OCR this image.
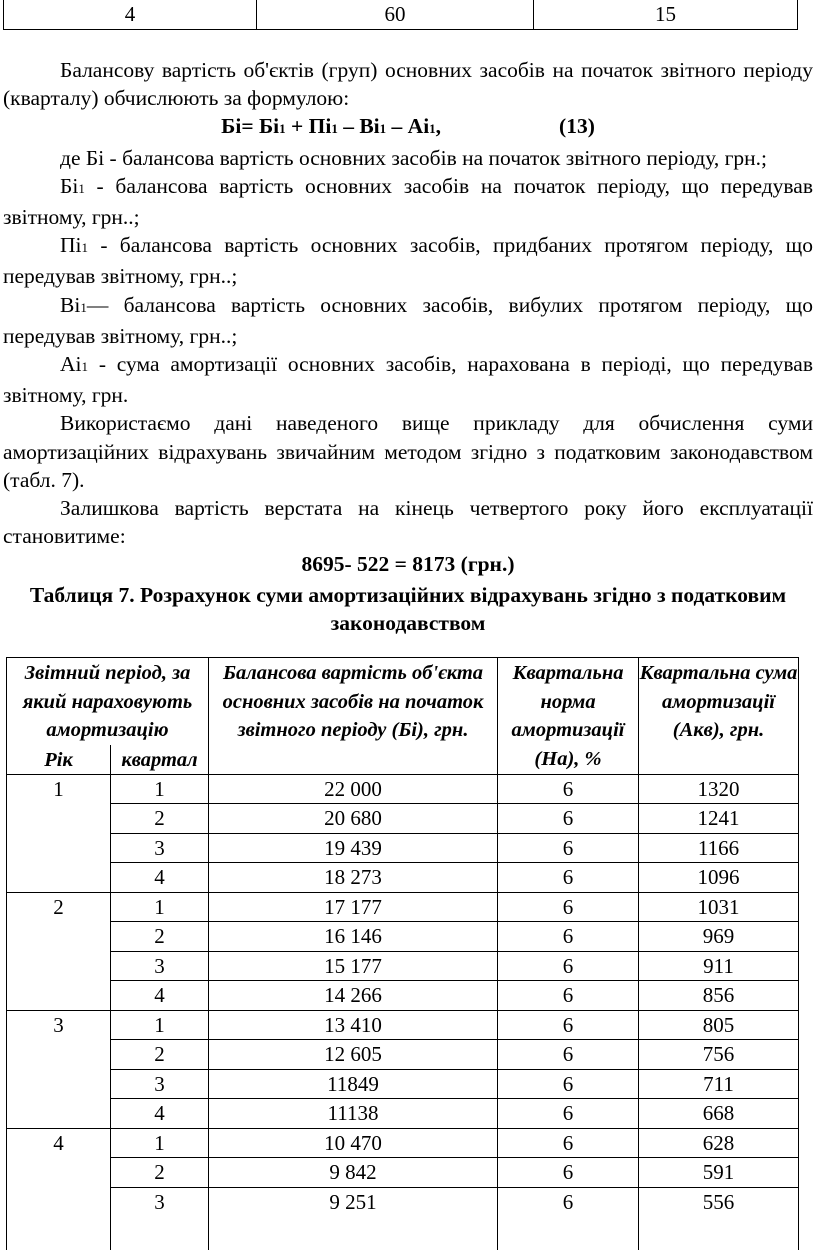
4	60	15

Балансову вартість об'єктів (груп) основних засобів на початок звітного періоду (кварталу) обчислюють за формулою:

Бі= Бі1 + Пі1 – Ві1 – Аі1,	(13)

де Бі - балансова вартість основних засобів на початок звітного періоду, грн.;

Бі1 - балансова вартість основних засобів на початок періоду, що передував звітному, грн..;

Пі1 - балансова вартість основних засобів, придбаних протягом періоду, що передував звітному, грн..;

Ві1— балансова вартість основних засобів, вибулих протягом періоду, що передував звітному, грн..;

Аі1 - сума амортизації основних засобів, нарахована в періоді, що передував звітному, грн.

Використаємо дані наведеного вище прикладу для обчислення суми амортизаційних відрахувань звичайним методом згідно з податковим законодавством (табл. 7).

Залишкова вартість верстата на кінець четвертого року його експлуатації становитиме:

8695- 522 = 8173 (грн.)

Таблиця 7. Розрахунок суми амортизаційних відрахувань згідно з податковим законодавством

Звітний період, за який нараховують амортизацію		Балансова вартість об'єкта основних засобів на початок звітного періоду (Бі), грн.	Квартальна норма амортизації (На), %	Квартальна сума амортизації (Акв), грн.
Рік	квартал			
1	1	22 000	6	1320
	2	20 680	6	1241
	3	19 439	6	1166
	4	18 273	6	1096
2	1	17 177	6	1031
	2	16 146	6	969
	3	15 177	6	911
	4	14 266	6	856
3	1	13 410	6	805
	2	12 605	6	756
	3	11849	6	711
	4	11138	6	668
4	1	10 470	6	628
	2	9 842	6	591
	3	9 251	6	556
